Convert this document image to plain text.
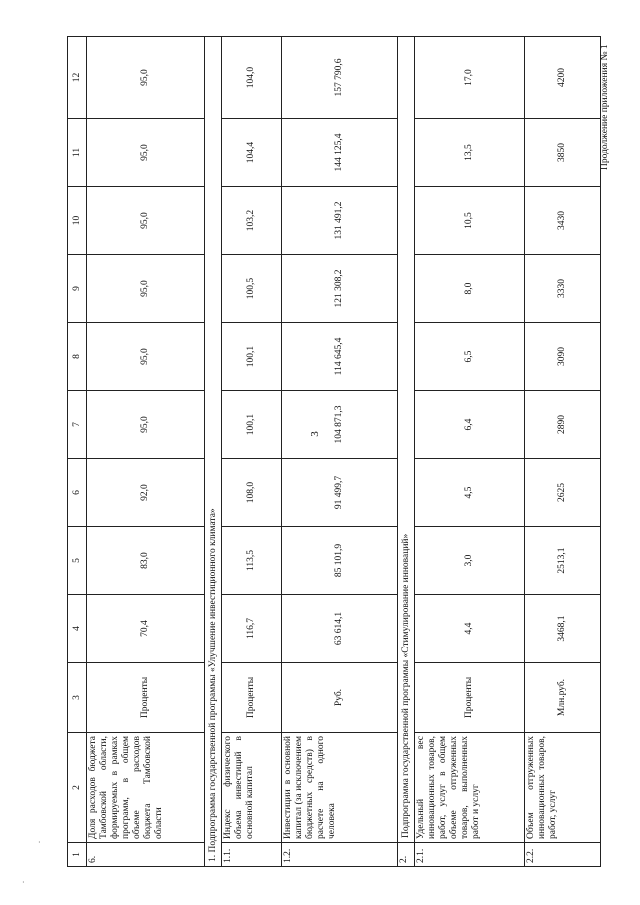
3
Продолжение приложения № 1
·
·
1	2	3	4	5	6	7	8	9	10	11	12
6.	Доля расходов бюджета Тамбовской области, формируемых в рамках программ, в общем объеме расходов бюджета Тамбовской области	Проценты	70,4	83,0	92,0	95,0	95,0	95,0	95,0	95,0	95,0
1. Подпрограмма государственной программы «Улучшение инвестиционного климата»											
1.1.	Индекс физического объема инвестиций в основной капитал	Проценты	116,7	113,5	108,0	100,1	100,1	100,5	103,2	104,4	104,0
1.2.	Инвестиции в основной капитал (за исключением бюджетных средств) в расчете на одного человека	Руб.	63 614,1	85 101,9	91 499,7	104 871,3	114 645,4	121 308,2	131 491,2	144 125,4	157 790,6
2.	Подпрограмма государственной программы «Стимулирование инноваций»										
2.1.	Удельный вес инновационных товаров, работ, услуг в общем объеме отгруженных товаров, выполненных работ и услуг	Проценты	4,4	3,0	4,5	6,4	6,5	8,0	10,5	13,5	17,0
2.2.	Объем отгруженных инновационных товаров, работ, услуг	Млн.руб.	3468,1	2513,1	2625	2890	3090	3330	3430	3850	4200
